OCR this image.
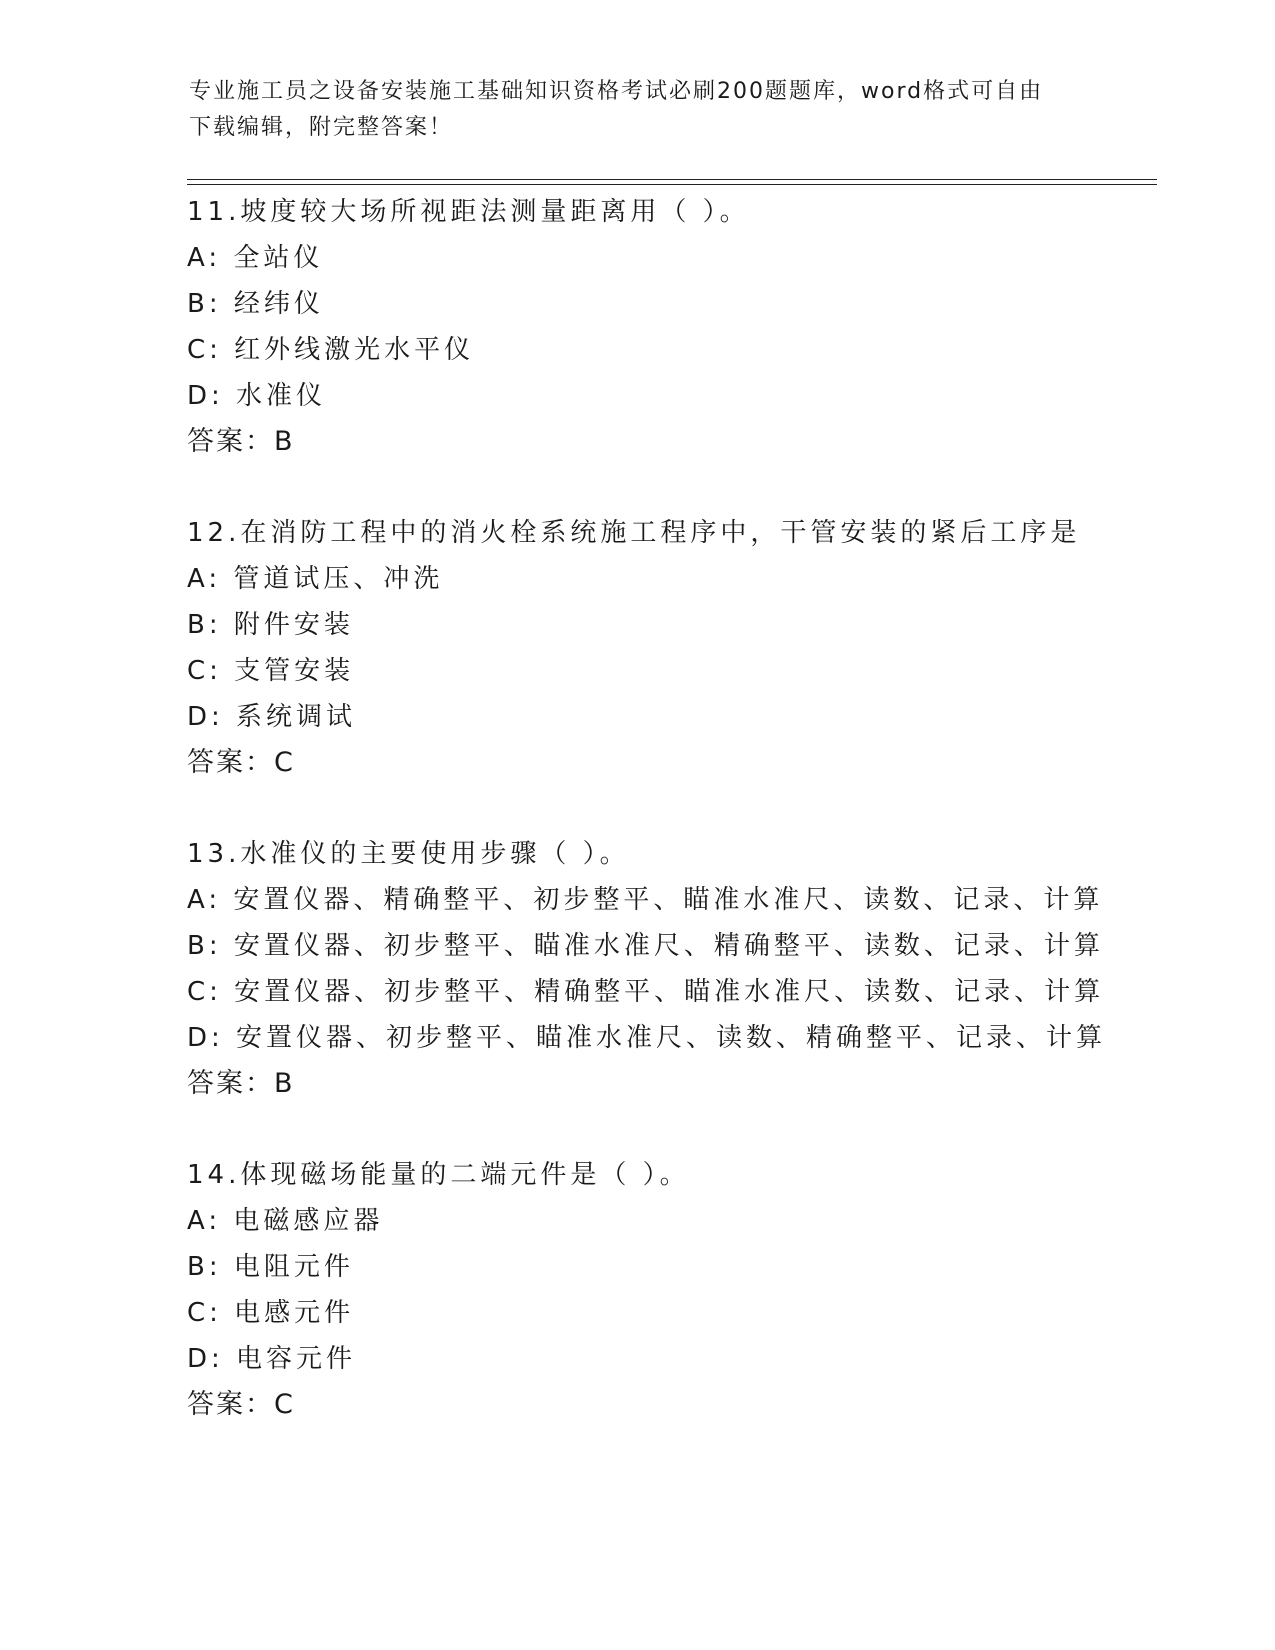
专业施工员之设备安装施工基础知识资格考试必刷200题题库，word格式可自由
下载编辑，附完整答案！
11.坡度较大场所视距法测量距离用（ ）。
A: 全站仪
B: 经纬仪
C: 红外线激光水平仪
D: 水准仪
答案：B
12.在消防工程中的消火栓系统施工程序中，干管安装的紧后工序是
A: 管道试压、冲洗
B: 附件安装
C: 支管安装
D: 系统调试
答案：C
13.水准仪的主要使用步骤（ ）。
A: 安置仪器、精确整平、初步整平、瞄准水准尺、读数、记录、计算
B: 安置仪器、初步整平、瞄准水准尺、精确整平、读数、记录、计算
C: 安置仪器、初步整平、精确整平、瞄准水准尺、读数、记录、计算
D: 安置仪器、初步整平、瞄准水准尺、读数、精确整平、记录、计算
答案：B
14.体现磁场能量的二端元件是（ ）。
A: 电磁感应器
B: 电阻元件
C: 电感元件
D: 电容元件
答案：C
